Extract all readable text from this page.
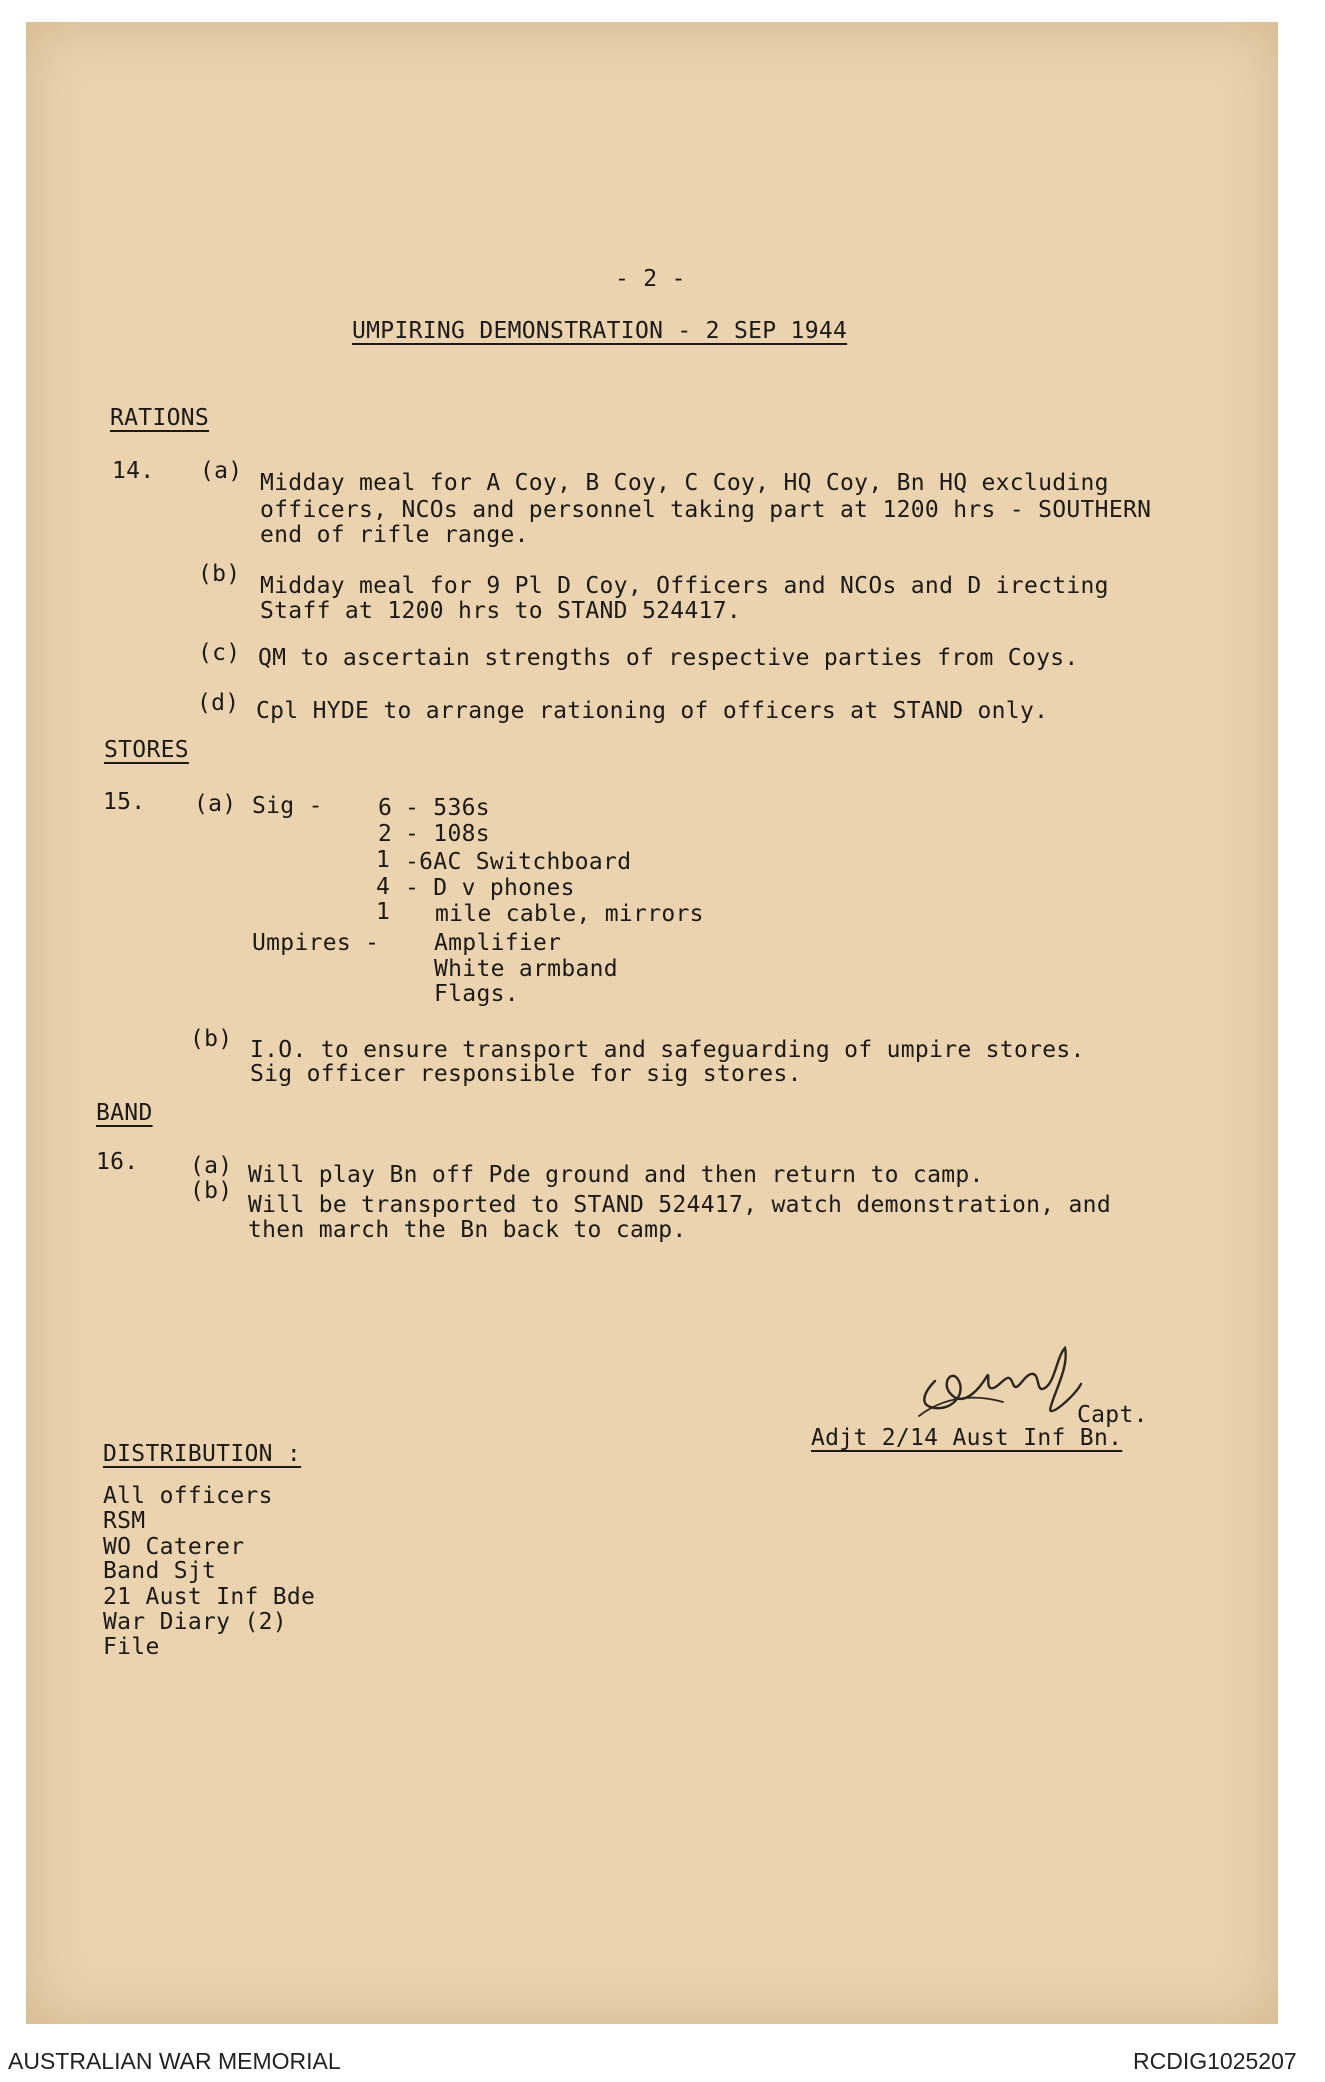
- 2 -
UMPIRING DEMONSTRATION - 2 SEP 1944
RATIONS
14. (a) Midday meal for A Coy, B Coy, C Coy, HQ Coy, Bn HQ excluding
officers, NCOs and personnel taking part at 1200 hrs - SOUTHERN
end of rifle range.
(b) Midday meal for 9 Pl D Coy, Officers and NCOs and D irecting
Staff at 1200 hrs to STAND 524417.
(c) QM to ascertain strengths of respective parties from Coys.
(d) Cpl HYDE to arrange rationing of officers at STAND only.
STORES
15. (a) Sig - 6 - 536s
2 - 108s
1 -6AC Switchboard
4 - D v phones
1 mile cable, mirrors
Umpires - Amplifier
White armband
Flags.
(b) I.O. to ensure transport and safeguarding of umpire stores.
Sig officer responsible for sig stores.
BAND
16. (a) Will play Bn off Pde ground and then return to camp.
(b)
Will be transported to STAND 524417, watch demonstration, and
then march the Bn back to camp.
Capt.
Adjt 2/14 Aust Inf Bn.
DISTRIBUTION :
All officers
RSM
WO Caterer
Band Sjt
21 Aust Inf Bde
War Diary (2)
File
AUSTRALIAN WAR MEMORIAL	RCDIG1025207
